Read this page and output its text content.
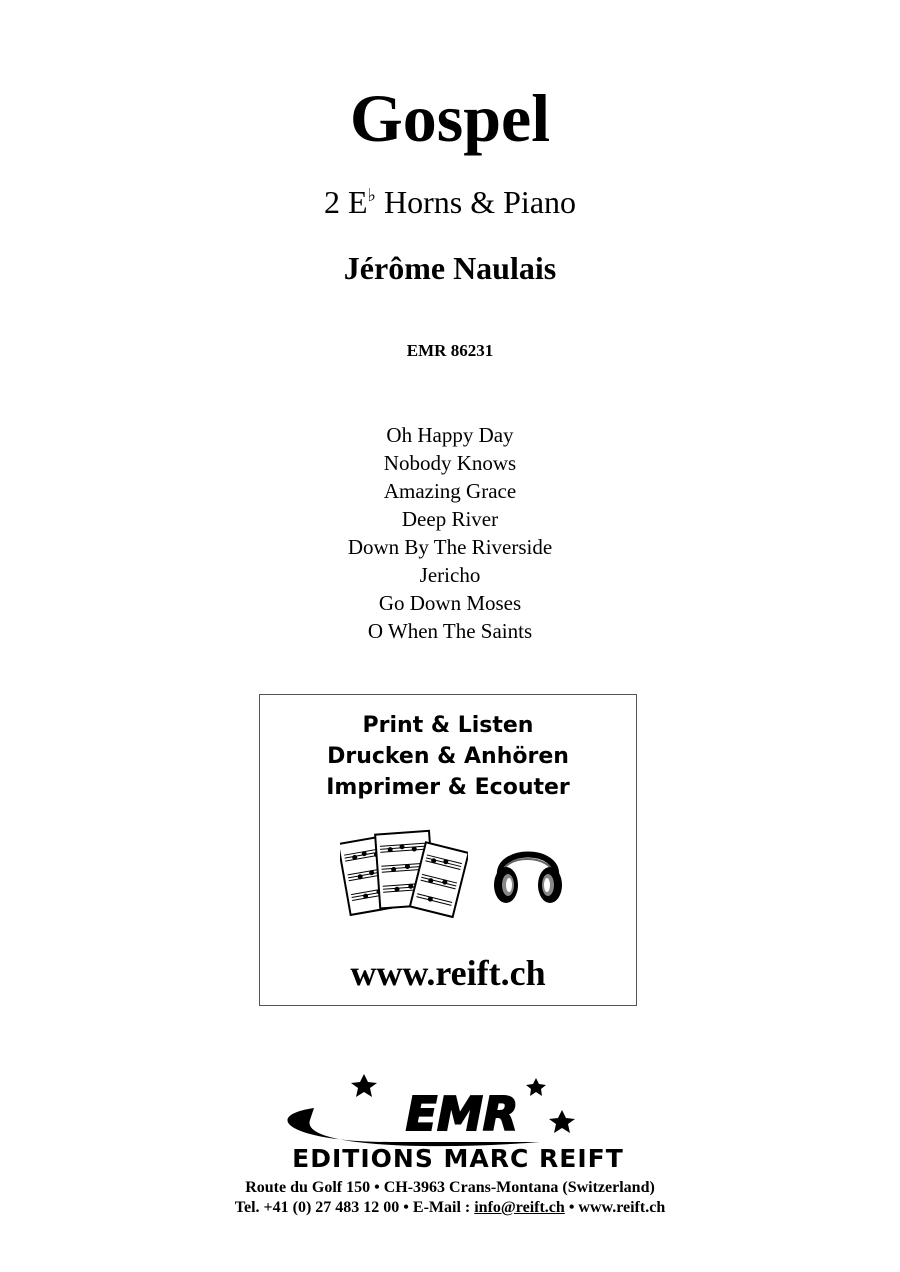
Gospel
2 E♭ Horns & Piano
Jérôme Naulais
EMR 86231
Oh Happy Day
Nobody Knows
Amazing Grace
Deep River
Down By The Riverside
Jericho
Go Down Moses
O When The Saints
Print & Listen
Drucken & Anhören
Imprimer & Ecouter
www.reift.ch
EMR
EDITIONS MARC REIFT
Route du Golf 150 • CH-3963 Crans-Montana (Switzerland)
Tel. +41 (0) 27 483 12 00 • E-Mail : info@reift.ch • www.reift.ch
